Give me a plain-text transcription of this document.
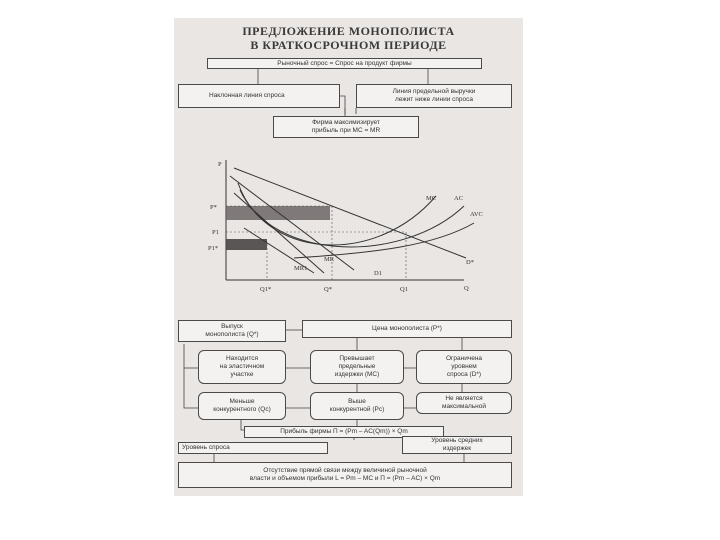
ПРЕДЛОЖЕНИЕ МОНОПОЛИСТА
В КРАТКОСРОЧНОМ ПЕРИОДЕ
Рыночный спрос = Спрос на продукт фирмы
Наклонная линия спроса
Линия предельной выручки
лежит ниже линии спроса
Фирма максимизирует
прибыль при MC = MR
P
Q
P*
P1
P1*
Q1*	Q*	Q1
MC	AC
AVC
MR
MR1
D*
D1
Выпуск
монополиста (Q*)
Цена монополиста (P*)
Находится
на эластичном
участке
Превышает
предельные
издержки (MC)
Ограничена
уровнем
спроса (D*)
Меньше
конкурентного (Qc)
Выше
конкурентной (Pc)
Не является
максимальной
Прибыль фирмы П = (Pm – AC(Qm)) × Qm
Уровень спроса
Уровень средних
издержек
Отсутствие прямой связи между величиной рыночной
власти и объемом прибыли L = Pm – MC и П = (Pm – AC) × Qm
